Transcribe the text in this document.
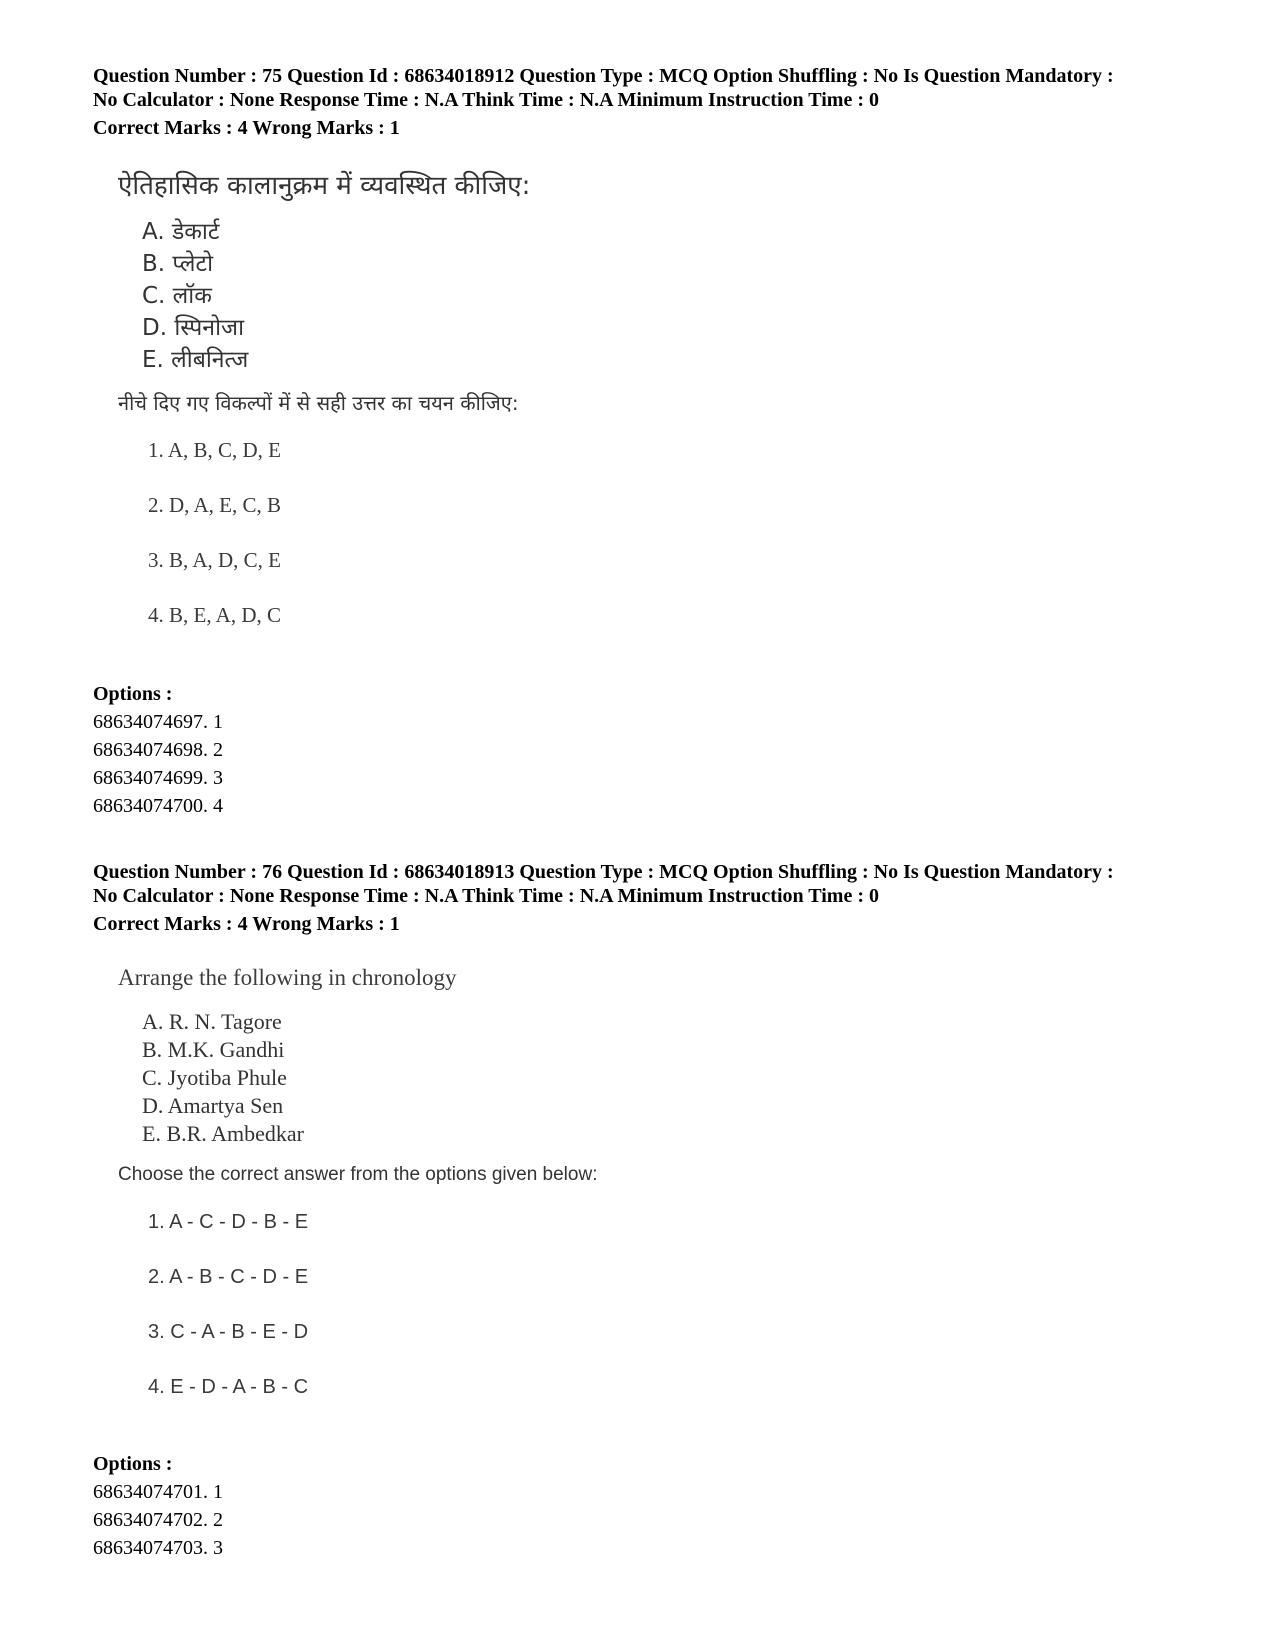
Question Number : 75 Question Id : 68634018912 Question Type : MCQ Option Shuffling : No Is Question Mandatory :
No Calculator : None Response Time : N.A Think Time : N.A Minimum Instruction Time : 0
Correct Marks : 4 Wrong Marks : 1
ऐतिहासिक कालानुक्रम में व्यवस्थित कीजिए:
A. डेकार्ट
B. प्लेटो
C. लॉक
D. स्पिनोजा
E. लीबनित्ज
नीचे दिए गए विकल्पों में से सही उत्तर का चयन कीजिए:
1. A, B, C, D, E
2. D, A, E, C, B
3. B, A, D, C, E
4. B, E, A, D, C
Options :
68634074697. 1
68634074698. 2
68634074699. 3
68634074700. 4
Question Number : 76 Question Id : 68634018913 Question Type : MCQ Option Shuffling : No Is Question Mandatory :
No Calculator : None Response Time : N.A Think Time : N.A Minimum Instruction Time : 0
Correct Marks : 4 Wrong Marks : 1
Arrange the following in chronology
A. R. N. Tagore
B. M.K. Gandhi
C. Jyotiba Phule
D. Amartya Sen
E. B.R. Ambedkar
Choose the correct answer from the options given below:
1. A - C - D - B - E
2. A - B - C - D - E
3. C - A - B - E - D
4. E - D - A - B - C
Options :
68634074701. 1
68634074702. 2
68634074703. 3
